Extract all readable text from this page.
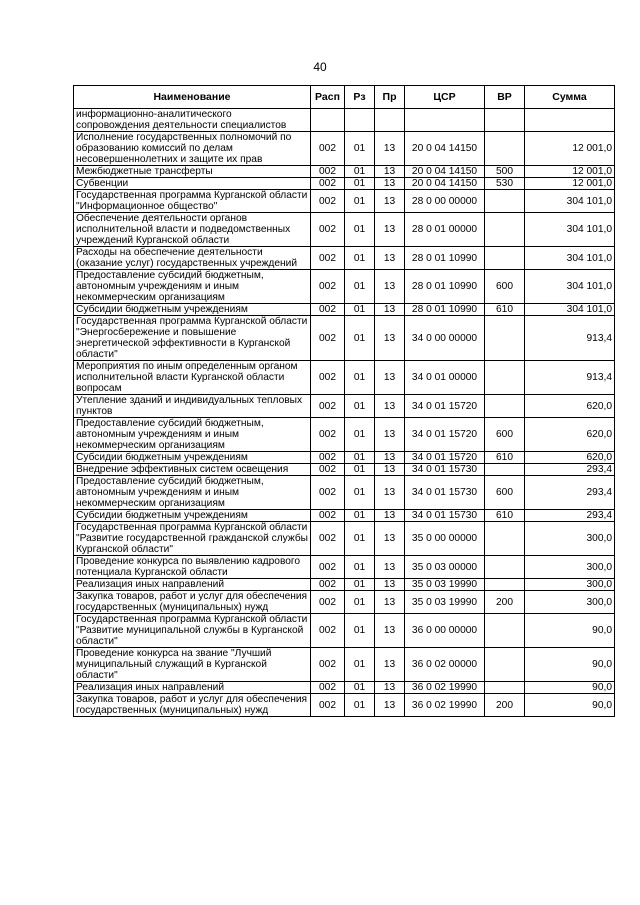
40
Наименование	Расп	Рз	Пр	ЦСР	ВР	Сумма
информационно-аналитического сопровождения деятельности специалистов						
Исполнение государственных полномочий по образованию комиссий по делам несовершеннолетних и защите их прав	002	01	13	20 0 04 14150		12 001,0
Межбюджетные трансферты	002	01	13	20 0 04 14150	500	12 001,0
Субвенции	002	01	13	20 0 04 14150	530	12 001,0
Государственная программа Курганской области "Информационное общество"	002	01	13	28 0 00 00000		304 101,0
Обеспечение деятельности органов исполнительной власти и подведомственных учреждений Курганской области	002	01	13	28 0 01 00000		304 101,0
Расходы на обеспечение деятельности (оказание услуг) государственных учреждений	002	01	13	28 0 01 10990		304 101,0
Предоставление субсидий бюджетным, автономным учреждениям и иным некоммерческим организациям	002	01	13	28 0 01 10990	600	304 101,0
Субсидии бюджетным учреждениям	002	01	13	28 0 01 10990	610	304 101,0
Государственная программа Курганской области "Энергосбережение и повышение энергетической эффективности в Курганской области"	002	01	13	34 0 00 00000		913,4
Мероприятия по иным определенным органом исполнительной власти Курганской области вопросам	002	01	13	34 0 01 00000		913,4
Утепление зданий и индивидуальных тепловых пунктов	002	01	13	34 0 01 15720		620,0
Предоставление субсидий бюджетным, автономным учреждениям и иным некоммерческим организациям	002	01	13	34 0 01 15720	600	620,0
Субсидии бюджетным учреждениям	002	01	13	34 0 01 15720	610	620,0
Внедрение эффективных систем освещения	002	01	13	34 0 01 15730		293,4
Предоставление субсидий бюджетным, автономным учреждениям и иным некоммерческим организациям	002	01	13	34 0 01 15730	600	293,4
Субсидии бюджетным учреждениям	002	01	13	34 0 01 15730	610	293,4
Государственная программа Курганской области "Развитие государственной гражданской службы Курганской области"	002	01	13	35 0 00 00000		300,0
Проведение конкурса по выявлению кадрового потенциала Курганской области	002	01	13	35 0 03 00000		300,0
Реализация иных направлений	002	01	13	35 0 03 19990		300,0
Закупка товаров, работ и услуг для обеспечения государственных (муниципальных) нужд	002	01	13	35 0 03 19990	200	300,0
Государственная программа Курганской области "Развитие муниципальной службы в Курганской области"	002	01	13	36 0 00 00000		90,0
Проведение конкурса на звание "Лучший муниципальный служащий в Курганской области"	002	01	13	36 0 02 00000		90,0
Реализация иных направлений	002	01	13	36 0 02 19990		90,0
Закупка товаров, работ и услуг для обеспечения государственных (муниципальных) нужд	002	01	13	36 0 02 19990	200	90,0
